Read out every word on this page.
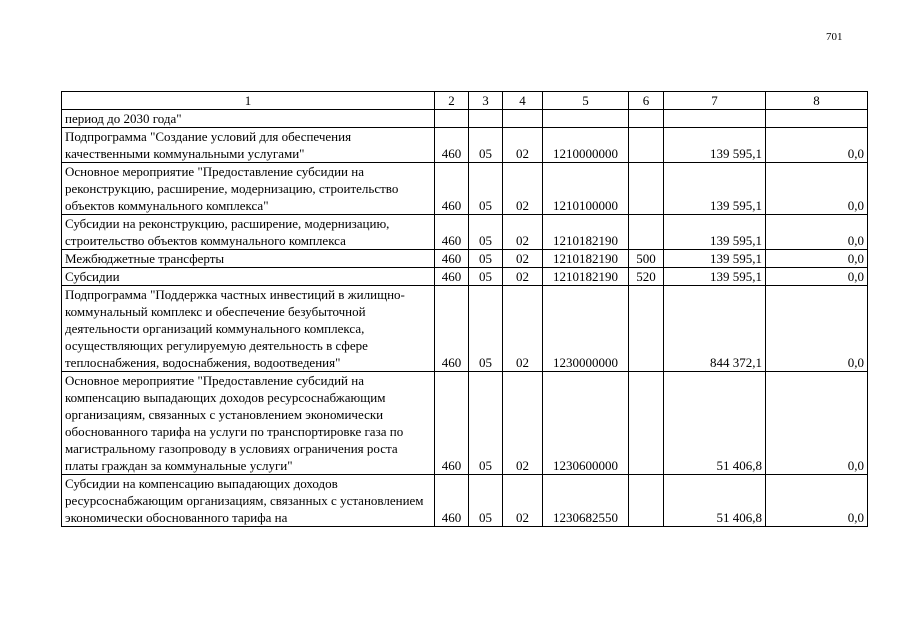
701
1	2	3	4	5	6	7	8
период до 2030 года"							
Подпрограмма "Создание условий для обеспечения качественными коммунальными услугами"	460	05	02	1210000000		139 595,1	0,0
Основное мероприятие "Предоставление субсидии на реконструкцию, расширение, модернизацию, строительство объектов коммунального комплекса"	460	05	02	1210100000		139 595,1	0,0
Субсидии на реконструкцию, расширение, модернизацию, строительство объектов коммунального комплекса	460	05	02	1210182190		139 595,1	0,0
Межбюджетные трансферты	460	05	02	1210182190	500	139 595,1	0,0
Субсидии	460	05	02	1210182190	520	139 595,1	0,0
Подпрограмма "Поддержка частных инвестиций в жилищно-коммунальный комплекс и обеспечение безубыточной деятельности организаций коммунального комплекса, осуществляющих регулируемую деятельность в сфере теплоснабжения, водоснабжения, водоотведения"	460	05	02	1230000000		844 372,1	0,0
Основное мероприятие "Предоставление субсидий на компенсацию выпадающих доходов ресурсоснабжающим организациям, связанных с установлением экономически обоснованного тарифа на услуги по транспортировке газа по магистральному газопроводу в условиях ограничения роста платы граждан за коммунальные услуги"	460	05	02	1230600000		51 406,8	0,0
Субсидии на компенсацию выпадающих доходов ресурсоснабжающим организациям, связанных с установлением экономически обоснованного тарифа на	460	05	02	1230682550		51 406,8	0,0
